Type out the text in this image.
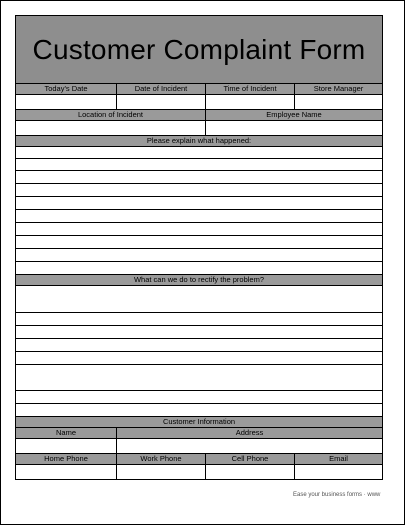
Customer Complaint Form
Today's Date	Date of Incident	Time of Incident	Store Manager
Location of Incident	Employee Name
Please explain what happened:
What can we do to rectify the problem?
Customer Information
Name	Address
Home Phone	Work Phone	Cell Phone	Email
Ease your business forms · www
